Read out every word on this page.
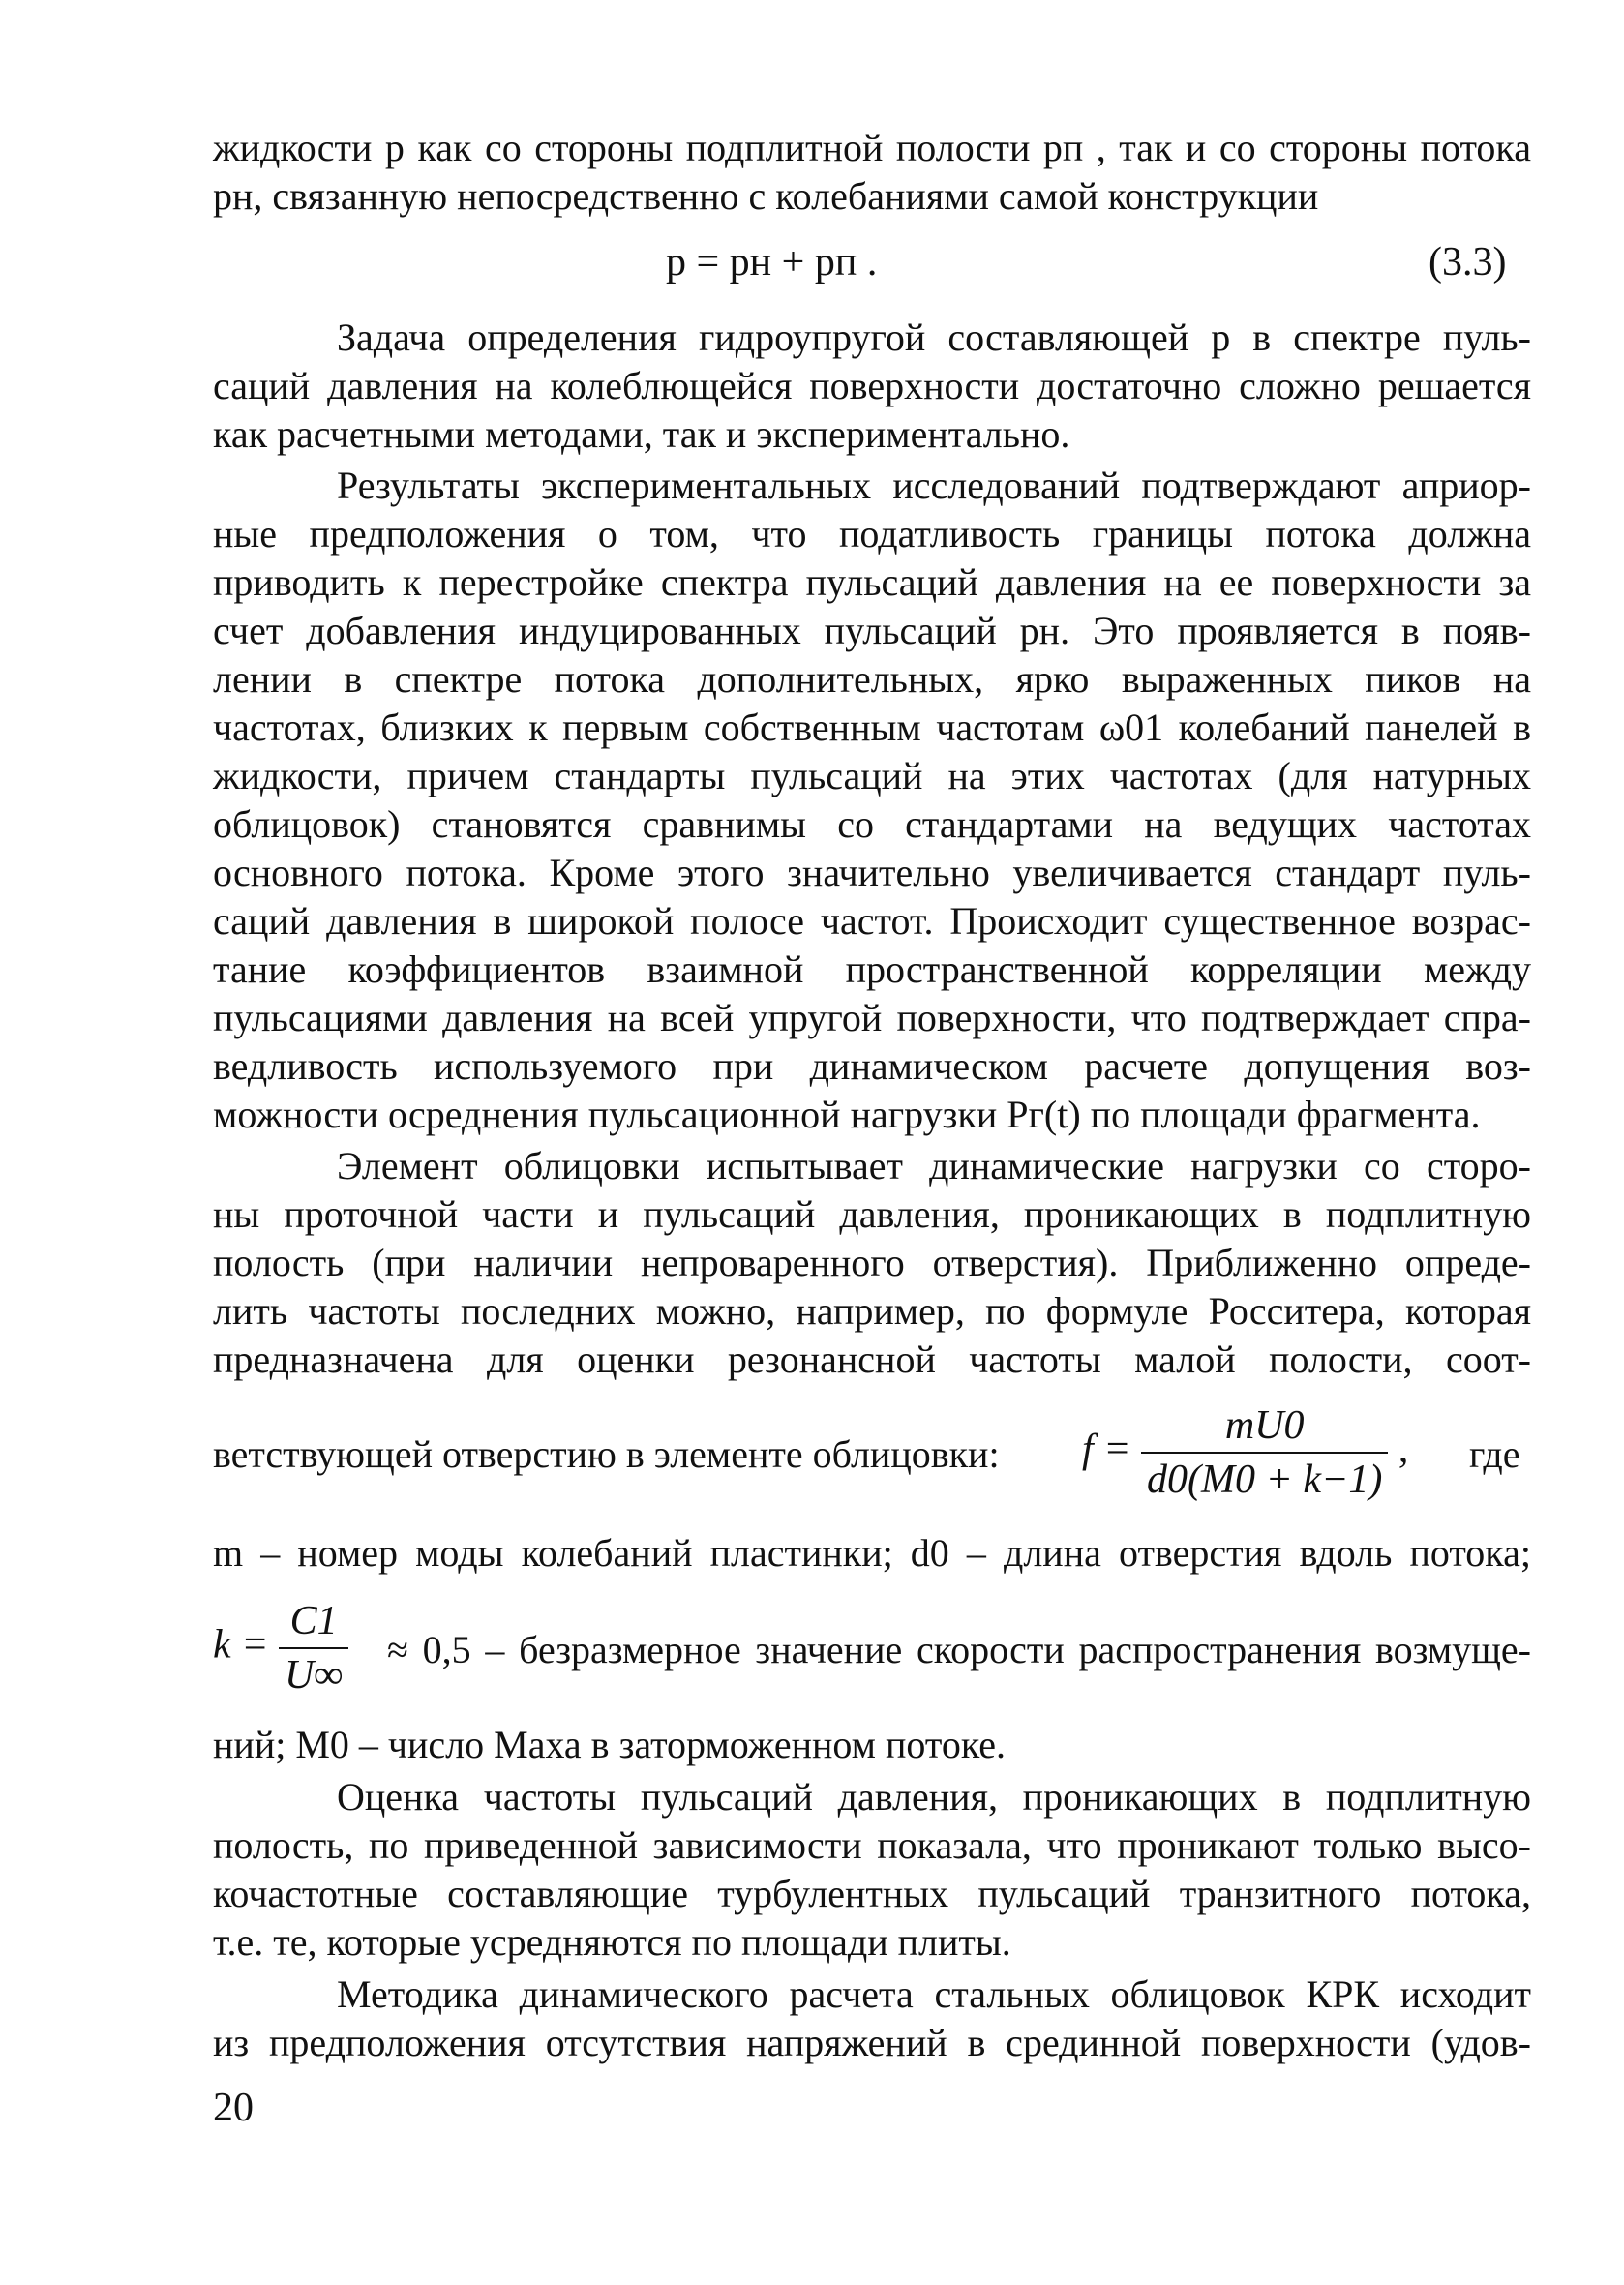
жидкости p как со стороны подплитной полости pп , так и со стороны потока

pн, связанную непосредственно с колебаниями самой конструкции

p = pн + pп .	(3.3)

Задача определения гидроупругой составляющей p в спектре пуль-

саций давления на колеблющейся поверхности достаточно сложно решается

как расчетными методами, так и экспериментально.

Результаты экспериментальных исследований подтверждают априор-

ные предположения о том, что податливость границы потока должна

приводить к перестройке спектра пульсаций давления на ее поверхности за

счет добавления индуцированных пульсаций pн. Это проявляется в появ-

лении в спектре потока дополнительных, ярко выраженных пиков на

частотах, близких к первым собственным частотам ω01 колебаний панелей в

жидкости, причем стандарты пульсаций на этих частотах (для натурных

облицовок) становятся сравнимы со стандартами на ведущих частотах

основного потока. Кроме этого значительно увеличивается стандарт пуль-

саций давления в широкой полосе частот. Происходит существенное возрас-

тание коэффициентов взаимной пространственной корреляции между

пульсациями давления на всей упругой поверхности, что подтверждает спра-

ведливость используемого при динамическом расчете допущения воз-

можности осреднения пульсационной нагрузки Pг(t) по площади фрагмента.

Элемент облицовки испытывает динамические нагрузки со сторо-

ны проточной части и пульсаций давления, проникающих в подплитную

полость (при наличии непроваренного отверстия). Приближенно опреде-

лить частоты последних можно, например, по формуле Росситера, которая

предназначена для оценки резонансной частоты малой полости, соот-

ветствующей отверстию в элементе облицовки: $f = \frac{mU0}{d0(M0 + k-1)}$ , где

m – номер моды колебаний пластинки; d0 – длина отверстия вдоль потока;

$k = \frac{C1}{U\infty} \approx 0,5$ – безразмерное значение скорости распространения возмуще-

ний; M0 – число Маха в заторможенном потоке.

Оценка частоты пульсаций давления, проникающих в подплитную

полость, по приведенной зависимости показала, что проникают только высо-

кочастотные составляющие турбулентных пульсаций транзитного потока,

т.е. те, которые усредняются по площади плиты.

Методика динамического расчета стальных облицовок КРК исходит

из предположения отсутствия напряжений в срединной поверхности (удов-

20
